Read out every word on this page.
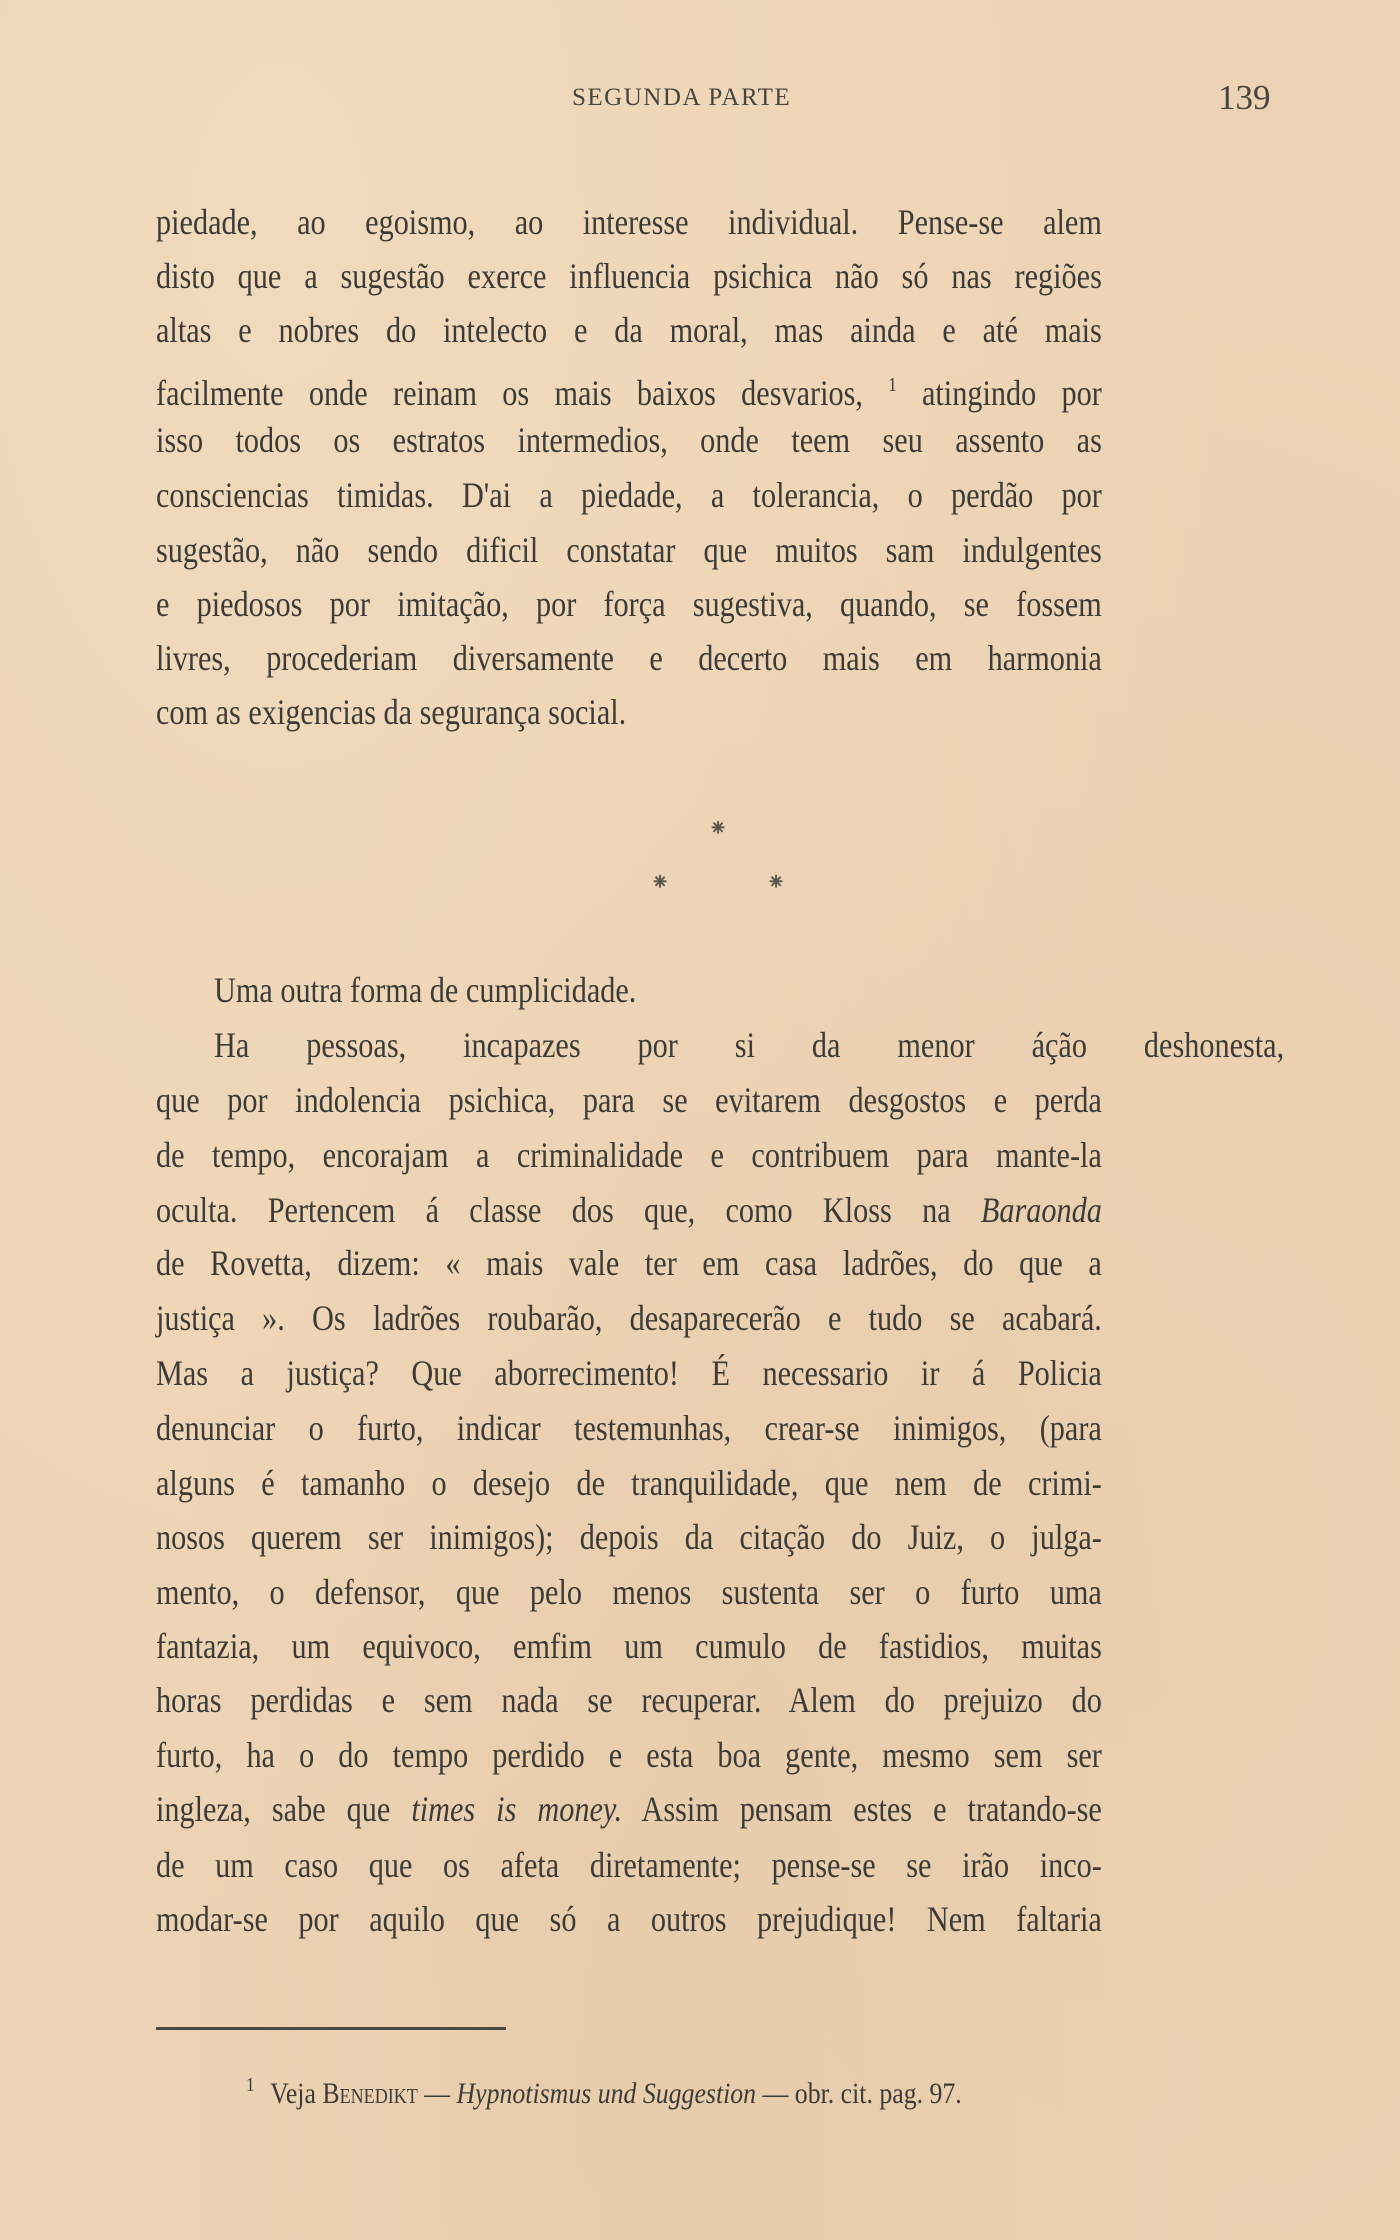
SEGUNDA PARTE	139
piedade, ao egoismo, ao interesse individual. Pense-se alem
disto que a sugestão exerce influencia psichica não só nas regiões
altas e nobres do intelecto e da moral, mas ainda e até mais
facilmente onde reinam os mais baixos desvarios, $^1$ atingindo por
isso todos os estratos intermedios, onde teem seu assento as
consciencias timidas. D'ai a piedade, a tolerancia, o perdão por
sugestão, não sendo dificil constatar que muitos sam indulgentes
e piedosos por imitação, por força sugestiva, quando, se fossem
livres, procederiam diversamente e decerto mais em harmonia
com as exigencias da segurança social.
⁕
⁕	⁕
Uma outra forma de cumplicidade.
Ha pessoas, incapazes por si da menor áção deshonesta,
que por indolencia psichica, para se evitarem desgostos e perda
de tempo, encorajam a criminalidade e contribuem para mante-la
oculta. Pertencem á classe dos que, como Kloss na Baraonda
de Rovetta, dizem: « mais vale ter em casa ladrões, do que a
justiça ». Os ladrões roubarão, desaparecerão e tudo se acabará.
Mas a justiça? Que aborrecimento! É necessario ir á Policia
denunciar o furto, indicar testemunhas, crear-se inimigos, (para
alguns é tamanho o desejo de tranquilidade, que nem de crimi-
nosos querem ser inimigos); depois da citação do Juiz, o julga-
mento, o defensor, que pelo menos sustenta ser o furto uma
fantazia, um equivoco, emfim um cumulo de fastidios, muitas
horas perdidas e sem nada se recuperar. Alem do prejuizo do
furto, ha o do tempo perdido e esta boa gente, mesmo sem ser
ingleza, sabe que times is money. Assim pensam estes e tratando-se
de um caso que os afeta diretamente; pense-se se irão inco-
modar-se por aquilo que só a outros prejudique! Nem faltaria
$^1$ Veja Benedikt — Hypnotismus und Suggestion — obr. cit. pag. 97.
